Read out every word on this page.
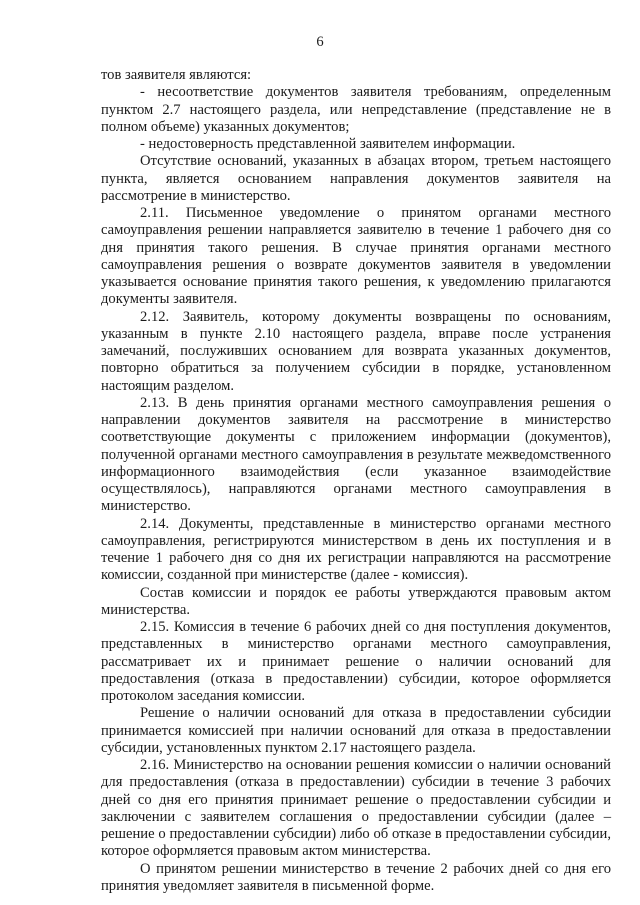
6

тов заявителя являются:

- несоответствие документов заявителя требованиям, определенным пунктом 2.7 настоящего раздела, или непредставление (представление не в полном объеме) указанных документов;

- недостоверность представленной заявителем информации.

Отсутствие оснований, указанных в абзацах втором, третьем настоящего пункта, является основанием направления документов заявителя на рассмотрение в министерство.

2.11. Письменное уведомление о принятом органами местного самоуправления решении направляется заявителю в течение 1 рабочего дня со дня принятия такого решения. В случае принятия органами местного самоуправления решения о возврате документов заявителя в уведомлении указывается основание принятия такого решения, к уведомлению прилагаются документы заявителя.

2.12. Заявитель, которому документы возвращены по основаниям, указанным в пункте 2.10 настоящего раздела, вправе после устранения замечаний, послуживших основанием для возврата указанных документов, повторно обратиться за получением субсидии в порядке, установленном настоящим разделом.

2.13. В день принятия органами местного самоуправления решения о направлении документов заявителя на рассмотрение в министерство соответствующие документы с приложением информации (документов), полученной органами местного самоуправления в результате межведомственного информационного взаимодействия (если указанное взаимодействие осуществлялось), направляются органами местного самоуправления в министерство.

2.14. Документы, представленные в министерство органами местного самоуправления, регистрируются министерством в день их поступления и в течение 1 рабочего дня со дня их регистрации направляются на рассмотрение комиссии, созданной при министерстве (далее - комиссия).

Состав комиссии и порядок ее работы утверждаются правовым актом министерства.

2.15. Комиссия в течение 6 рабочих дней со дня поступления документов, представленных в министерство органами местного самоуправления, рассматривает их и принимает решение о наличии оснований для предоставления (отказа в предоставлении) субсидии, которое оформляется протоколом заседания комиссии.

Решение о наличии оснований для отказа в предоставлении субсидии принимается комиссией при наличии оснований для отказа в предоставлении субсидии, установленных пунктом 2.17 настоящего раздела.

2.16. Министерство на основании решения комиссии о наличии оснований для предоставления (отказа в предоставлении) субсидии в течение 3 рабочих дней со дня его принятия принимает решение о предоставлении субсидии и заключении с заявителем соглашения о предоставлении субсидии (далее – решение о предоставлении субсидии) либо об отказе в предоставлении субсидии, которое оформляется правовым актом министерства.

О принятом решении министерство в течение 2 рабочих дней со дня его принятия уведомляет заявителя в письменной форме.
